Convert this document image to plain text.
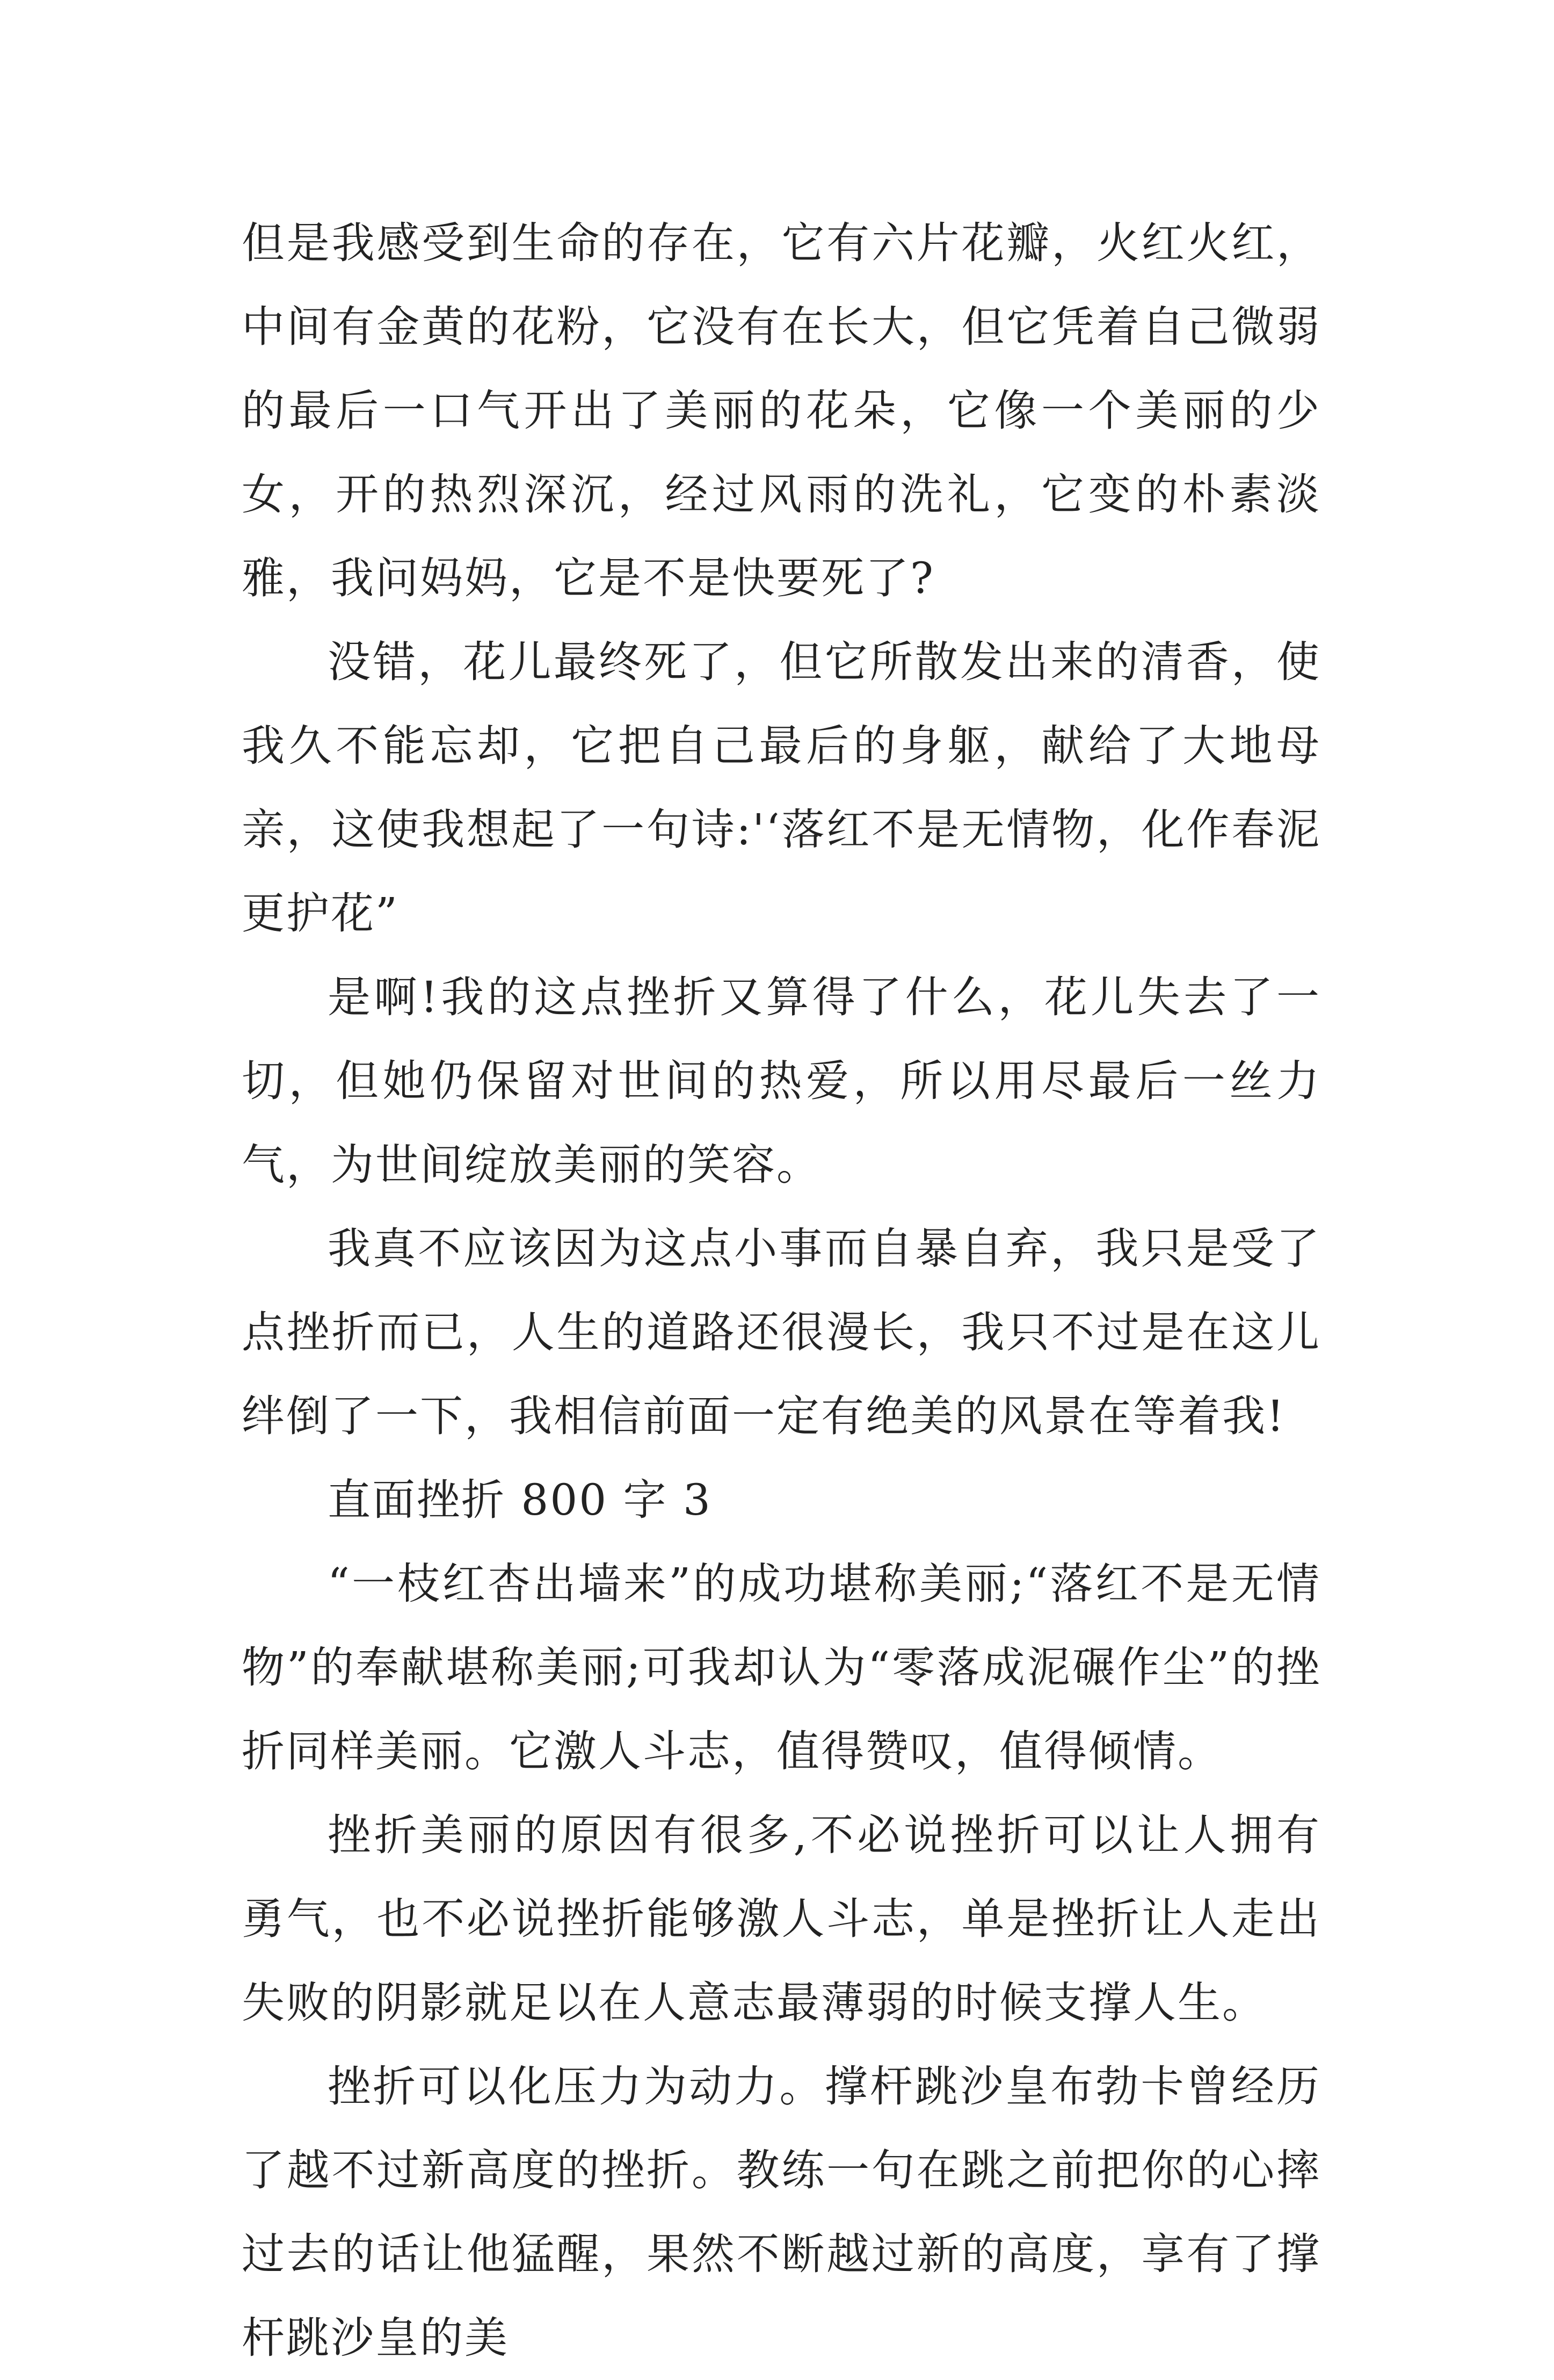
但是我感受到生命的存在，它有六片花瓣，火红火红，中间有金黄的花粉，它没有在长大，但它凭着自己微弱的最后一口气开出了美丽的花朵，它像一个美丽的少女，开的热烈深沉，经过风雨的洗礼，它变的朴素淡雅，我问妈妈，它是不是快要死了?

没错，花儿最终死了，但它所散发出来的清香，使我久不能忘却，它把自己最后的身躯，献给了大地母亲，这使我想起了一句诗:'‘落红不是无情物，化作春泥更护花”

是啊!我的这点挫折又算得了什么，花儿失去了一切，但她仍保留对世间的热爱，所以用尽最后一丝力气，为世间绽放美丽的笑容。

我真不应该因为这点小事而自暴自弃，我只是受了点挫折而已，人生的道路还很漫长，我只不过是在这儿绊倒了一下，我相信前面一定有绝美的风景在等着我!

直面挫折 800 字 3

“一枝红杏出墙来”的成功堪称美丽;“落红不是无情物”的奉献堪称美丽;可我却认为“零落成泥碾作尘”的挫折同样美丽。它激人斗志，值得赞叹，值得倾情。

挫折美丽的原因有很多,不必说挫折可以让人拥有勇气，也不必说挫折能够激人斗志，单是挫折让人走出失败的阴影就足以在人意志最薄弱的时候支撑人生。

挫折可以化压力为动力。撑杆跳沙皇布勃卡曾经历了越不过新高度的挫折。教练一句在跳之前把你的心摔过去的话让他猛醒，果然不断越过新的高度，享有了撑杆跳沙皇的美
